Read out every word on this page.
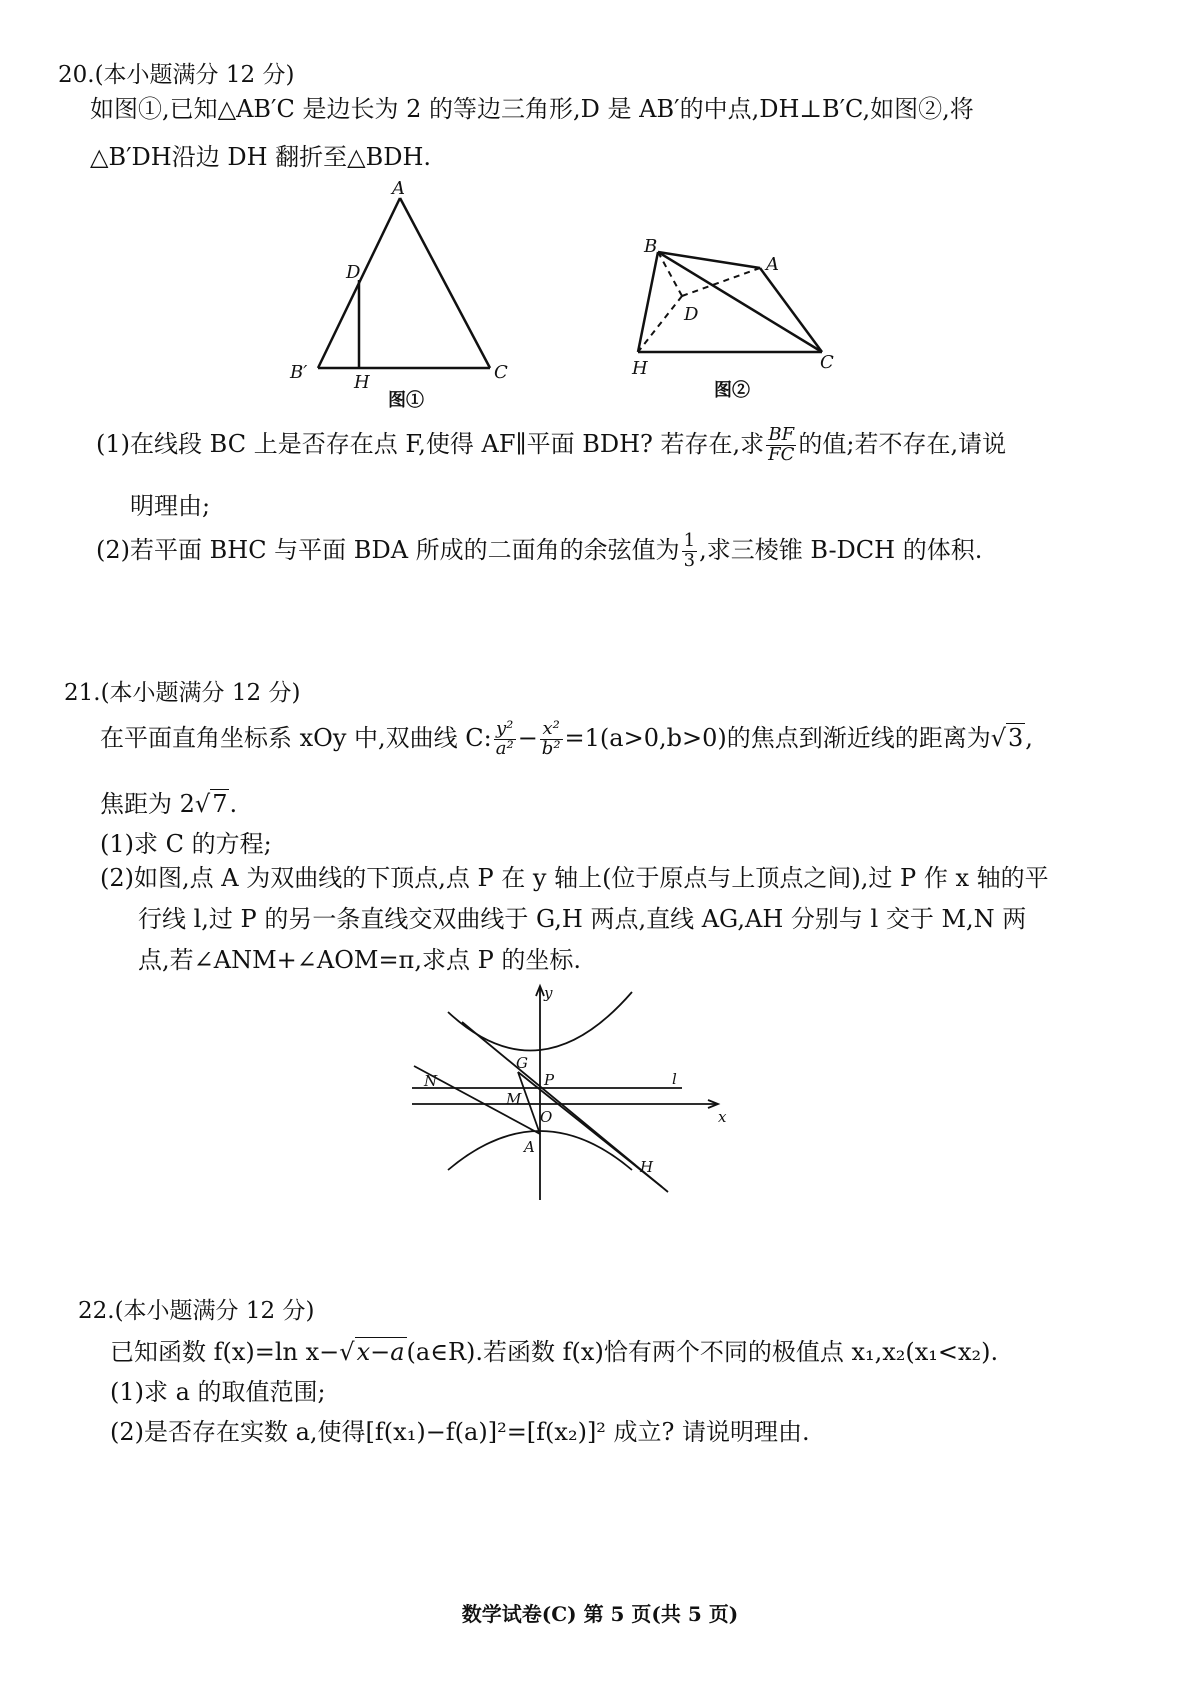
20.(本小题满分 12 分)
如图①,已知△AB′C 是边长为 2 的等边三角形,D 是 AB′的中点,DH⊥B′C,如图②,将
△B′DH沿边 DH 翻折至△BDH.
A
D
B′	H	C
图①
B
A
D
H	C
图②
(1)在线段 BC 上是否存在点 F,使得 AF∥平面 BDH? 若存在,求 $\frac{BF}{FC}$ 的值;若不存在,请说
明理由;
(2)若平面 BHC 与平面 BDA 所成的二面角的余弦值为 $\frac{1}{3}$ ,求三棱锥 B-DCH 的体积.
21.(本小题满分 12 分)
在平面直角坐标系 xOy 中,双曲线 C: $\frac{\text{y²}}{\text{a²}} - \frac{\text{x²}}{\text{b²}} =1(a>0,b>0)$的焦点到渐近线的距离为√3,
焦距为 2√7.
(1)求 C 的方程;
(2)如图,点 A 为双曲线的下顶点,点 P 在 y 轴上(位于原点与上顶点之间),过 P 作 x 轴的平
行线 l,过 P 的另一条直线交双曲线于 G,H 两点,直线 AG,AH 分别与 l 交于 M,N 两
点,若∠ANM+∠AOM=π,求点 P 的坐标.
y
x
G
P	l
N
M
O
A
H
22.(本小题满分 12 分)
已知函数 f(x)=ln x−√x−a(a∈R).若函数 f(x)恰有两个不同的极值点 x₁,x₂(x₁<x₂).
(1)求 a 的取值范围;
(2)是否存在实数 a,使得[f(x₁)−f(a)]²=[f(x₂)]² 成立? 请说明理由.
数学试卷(C) 第 5 页(共 5 页)
